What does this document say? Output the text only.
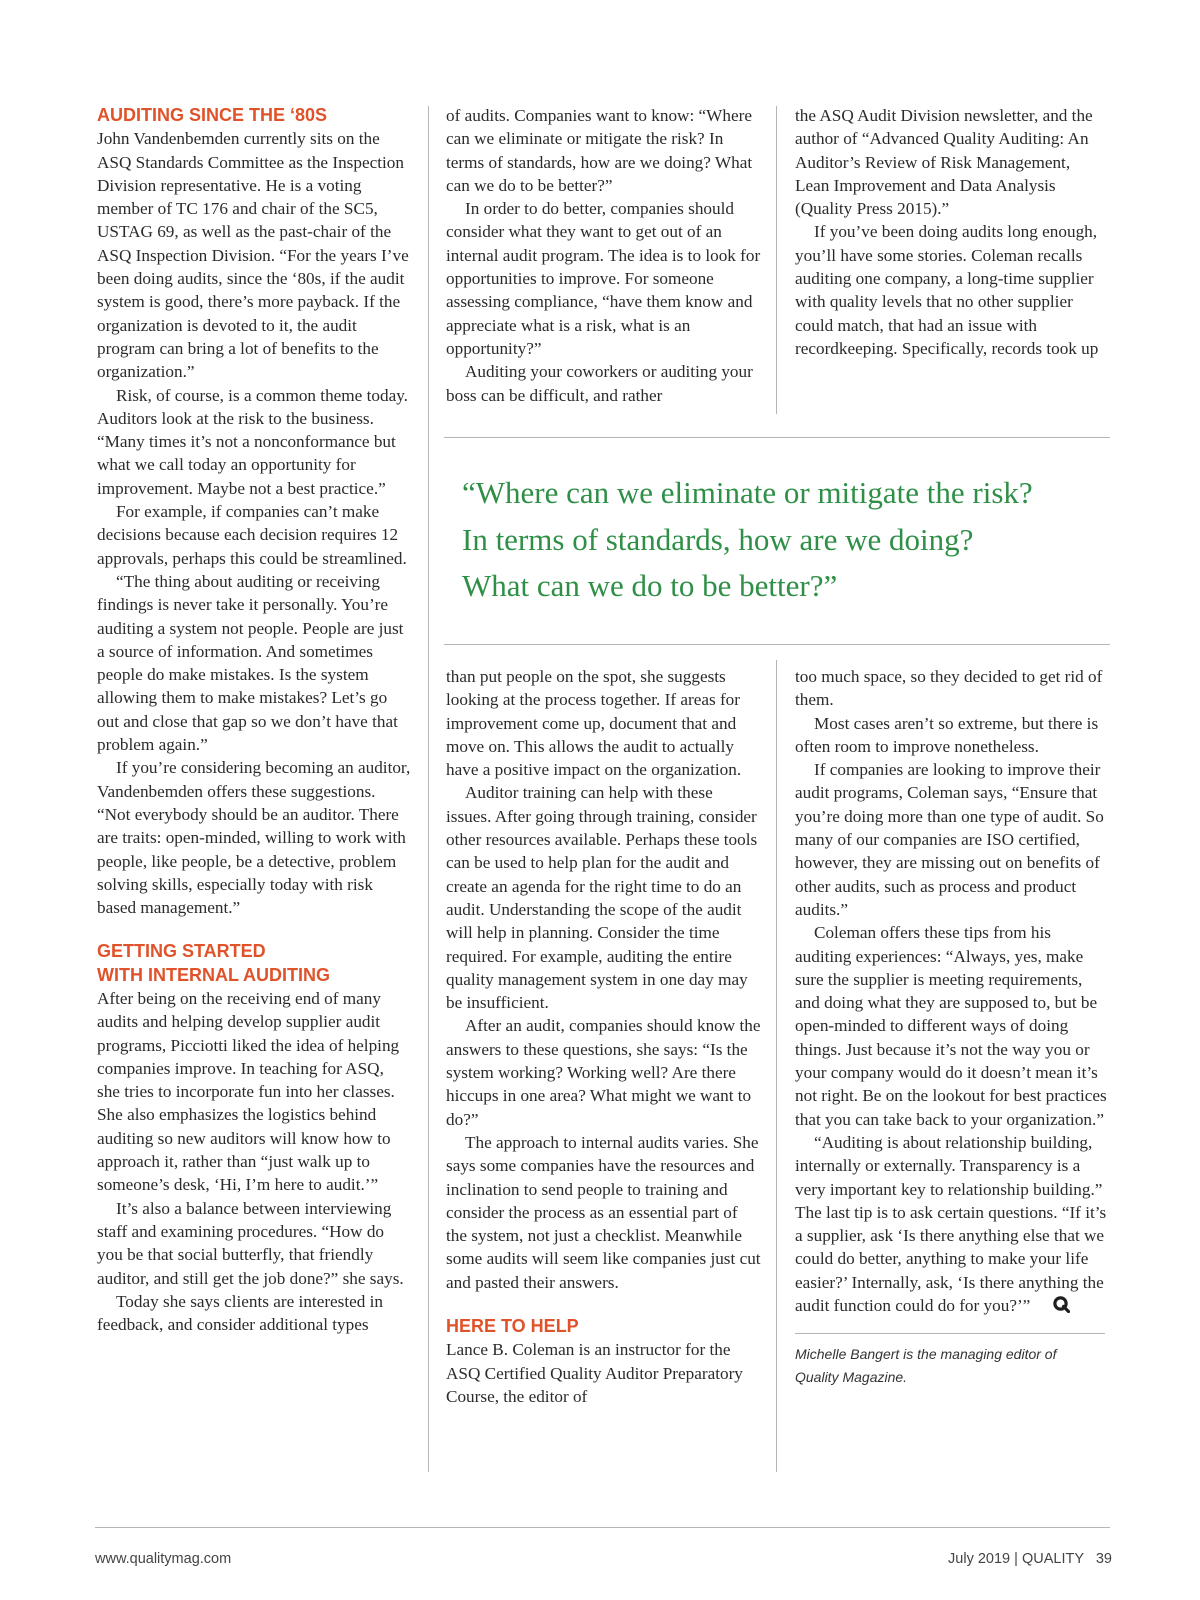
AUDITING SINCE THE ‘80S

John Vandenbemden currently sits on the ASQ Standards Committee as the Inspection Division representative. He is a voting member of TC 176 and chair of the SC5, USTAG 69, as well as the past-chair of the ASQ Inspection Division. “For the years I’ve been doing audits, since the ‘80s, if the audit system is good, there’s more payback. If the organization is devoted to it, the audit program can bring a lot of benefits to the organization.”

Risk, of course, is a common theme today. Auditors look at the risk to the business. “Many times it’s not a nonconformance but what we call today an opportunity for improvement. Maybe not a best practice.”

For example, if companies can’t make decisions because each decision requires 12 approvals, perhaps this could be streamlined.

“The thing about auditing or receiving findings is never take it personally. You’re auditing a system not people. People are just a source of information. And sometimes people do make mistakes. Is the system allowing them to make mistakes? Let’s go out and close that gap so we don’t have that problem again.”

If you’re considering becoming an auditor, Vandenbemden offers these suggestions. “Not everybody should be an auditor. There are traits: open-minded, willing to work with people, like people, be a detective, problem solving skills, especially today with risk based management.”

GETTING STARTED
WITH INTERNAL AUDITING

After being on the receiving end of many audits and helping develop supplier audit programs, Picciotti liked the idea of helping companies improve. In teaching for ASQ, she tries to incorporate fun into her classes. She also emphasizes the logistics behind auditing so new auditors will know how to approach it, rather than “just walk up to someone’s desk, ‘Hi, I’m here to audit.’”

It’s also a balance between interviewing staff and examining procedures. “How do you be that social butterfly, that friendly auditor, and still get the job done?” she says.

Today she says clients are interested in feedback, and consider additional types

of audits. Companies want to know: “Where can we eliminate or mitigate the risk? In terms of standards, how are we doing? What can we do to be better?”

In order to do better, companies should consider what they want to get out of an internal audit program. The idea is to look for opportunities to improve. For someone assessing compliance, “have them know and appreciate what is a risk, what is an opportunity?”

Auditing your coworkers or auditing your boss can be difficult, and rather

the ASQ Audit Division newsletter, and the author of “Advanced Quality Auditing: An Auditor’s Review of Risk Management, Lean Improvement and Data Analysis (Quality Press 2015).”

If you’ve been doing audits long enough, you’ll have some stories. Coleman recalls auditing one company, a long-time supplier with quality levels that no other supplier could match, that had an issue with recordkeeping. Specifically, records took up

“Where can we eliminate or mitigate the risk?
In terms of standards, how are we doing?
What can we do to be better?”

than put people on the spot, she suggests looking at the process together. If areas for improvement come up, document that and move on. This allows the audit to actually have a positive impact on the organization.

Auditor training can help with these issues. After going through training, consider other resources available. Perhaps these tools can be used to help plan for the audit and create an agenda for the right time to do an audit. Understanding the scope of the audit will help in planning. Consider the time required. For example, auditing the entire quality management system in one day may be insufficient.

After an audit, companies should know the answers to these questions, she says: “Is the system working? Working well? Are there hiccups in one area? What might we want to do?”

The approach to internal audits varies. She says some companies have the resources and inclination to send people to training and consider the process as an essential part of the system, not just a checklist. Meanwhile some audits will seem like companies just cut and pasted their answers.

HERE TO HELP

Lance B. Coleman is an instructor for the ASQ Certified Quality Auditor Preparatory Course, the editor of

too much space, so they decided to get rid of them.

Most cases aren’t so extreme, but there is often room to improve nonetheless.

If companies are looking to improve their audit programs, Coleman says, “Ensure that you’re doing more than one type of audit. So many of our companies are ISO certified, however, they are missing out on benefits of other audits, such as process and product audits.”

Coleman offers these tips from his auditing experiences: “Always, yes, make sure the supplier is meeting requirements, and doing what they are supposed to, but be open-minded to different ways of doing things. Just because it’s not the way you or your company would do it doesn’t mean it’s not right. Be on the lookout for best practices that you can take back to your organization.”

“Auditing is about relationship building, internally or externally. Transparency is a very important key to relationship building.” The last tip is to ask certain questions. “If it’s a supplier, ask ‘Is there anything else that we could do better, anything to make your life easier?’ Internally, ask, ‘Is there anything the audit function could do for you?’”

Michelle Bangert is the managing editor of
Quality Magazine.
www.qualitymag.com	July 2019 | QUALITY 39
